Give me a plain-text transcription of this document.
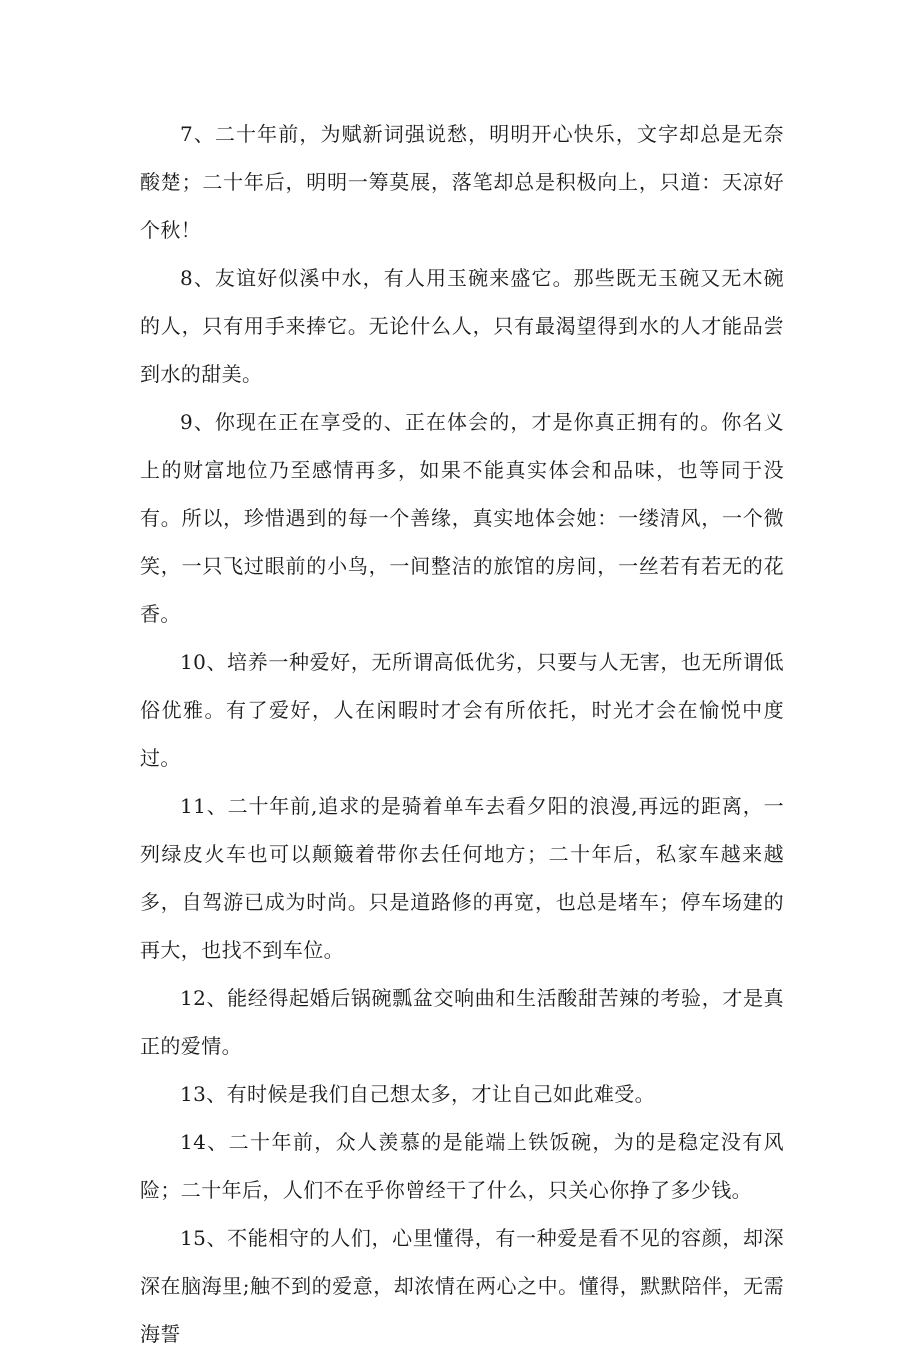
7、二十年前，为赋新词强说愁，明明开心快乐，文字却总是无奈酸楚；二十年后，明明一筹莫展，落笔却总是积极向上，只道：天凉好个秋！

8、友谊好似溪中水，有人用玉碗来盛它。那些既无玉碗又无木碗的人，只有用手来捧它。无论什么人，只有最渴望得到水的人才能品尝到水的甜美。

9、你现在正在享受的、正在体会的，才是你真正拥有的。你名义上的财富地位乃至感情再多，如果不能真实体会和品味，也等同于没有。所以，珍惜遇到的每一个善缘，真实地体会她：一缕清风，一个微笑，一只飞过眼前的小鸟，一间整洁的旅馆的房间，一丝若有若无的花香。

10、培养一种爱好，无所谓高低优劣，只要与人无害，也无所谓低俗优雅。有了爱好，人在闲暇时才会有所依托，时光才会在愉悦中度过。

11、二十年前,追求的是骑着单车去看夕阳的浪漫,再远的距离，一列绿皮火车也可以颠簸着带你去任何地方；二十年后，私家车越来越多，自驾游已成为时尚。只是道路修的再宽，也总是堵车；停车场建的再大，也找不到车位。

12、能经得起婚后锅碗瓢盆交响曲和生活酸甜苦辣的考验，才是真正的爱情。

13、有时候是我们自己想太多，才让自己如此难受。

14、二十年前，众人羡慕的是能端上铁饭碗，为的是稳定没有风险；二十年后，人们不在乎你曾经干了什么，只关心你挣了多少钱。

15、不能相守的人们，心里懂得，有一种爱是看不见的容颜，却深深在脑海里;触不到的爱意，却浓情在两心之中。懂得，默默陪伴，无需海誓
